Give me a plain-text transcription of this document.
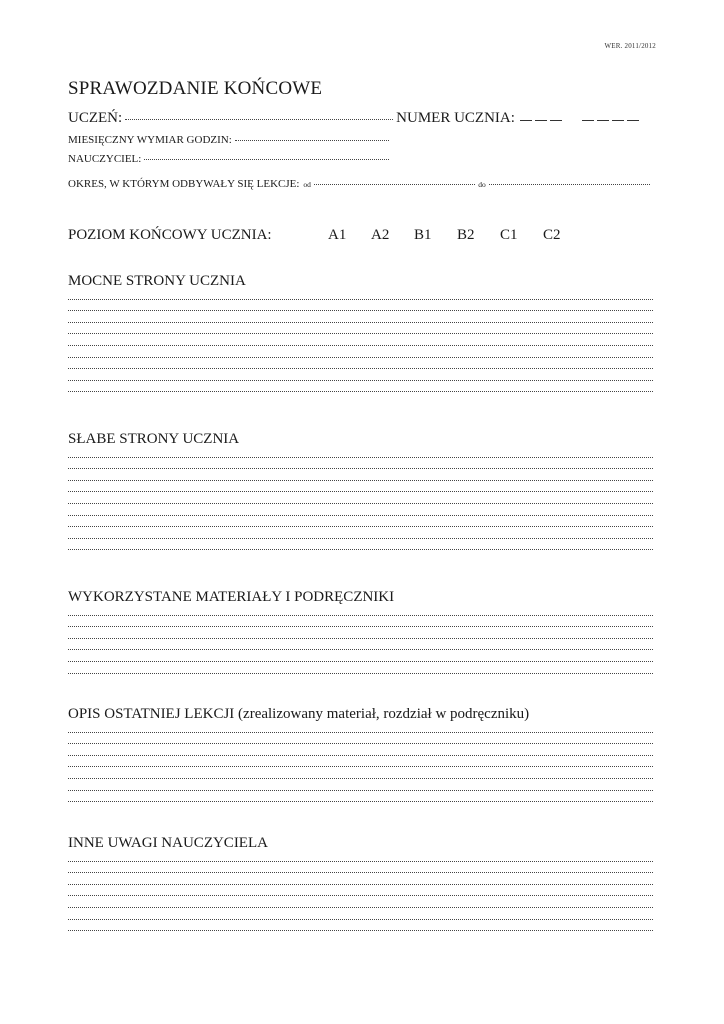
WER. 2011/2012
SPRAWOZDANIE KOŃCOWE
UCZEŃ:	NUMER UCZNIA:

MIESIĘCZNY WYMIAR GODZIN:
NAUCZYCIEL:
OKRES, W KTÓRYM ODBYWAŁY SIĘ LEKCJE: od	do
POZIOM KOŃCOWY UCZNIA:	A1	A2	B1	B2	C1	C2
MOCNE STRONY UCZNIA
SŁABE STRONY UCZNIA
WYKORZYSTANE MATERIAŁY I PODRĘCZNIKI
OPIS OSTATNIEJ LEKCJI (zrealizowany materiał, rozdział w podręczniku)
INNE UWAGI NAUCZYCIELA
